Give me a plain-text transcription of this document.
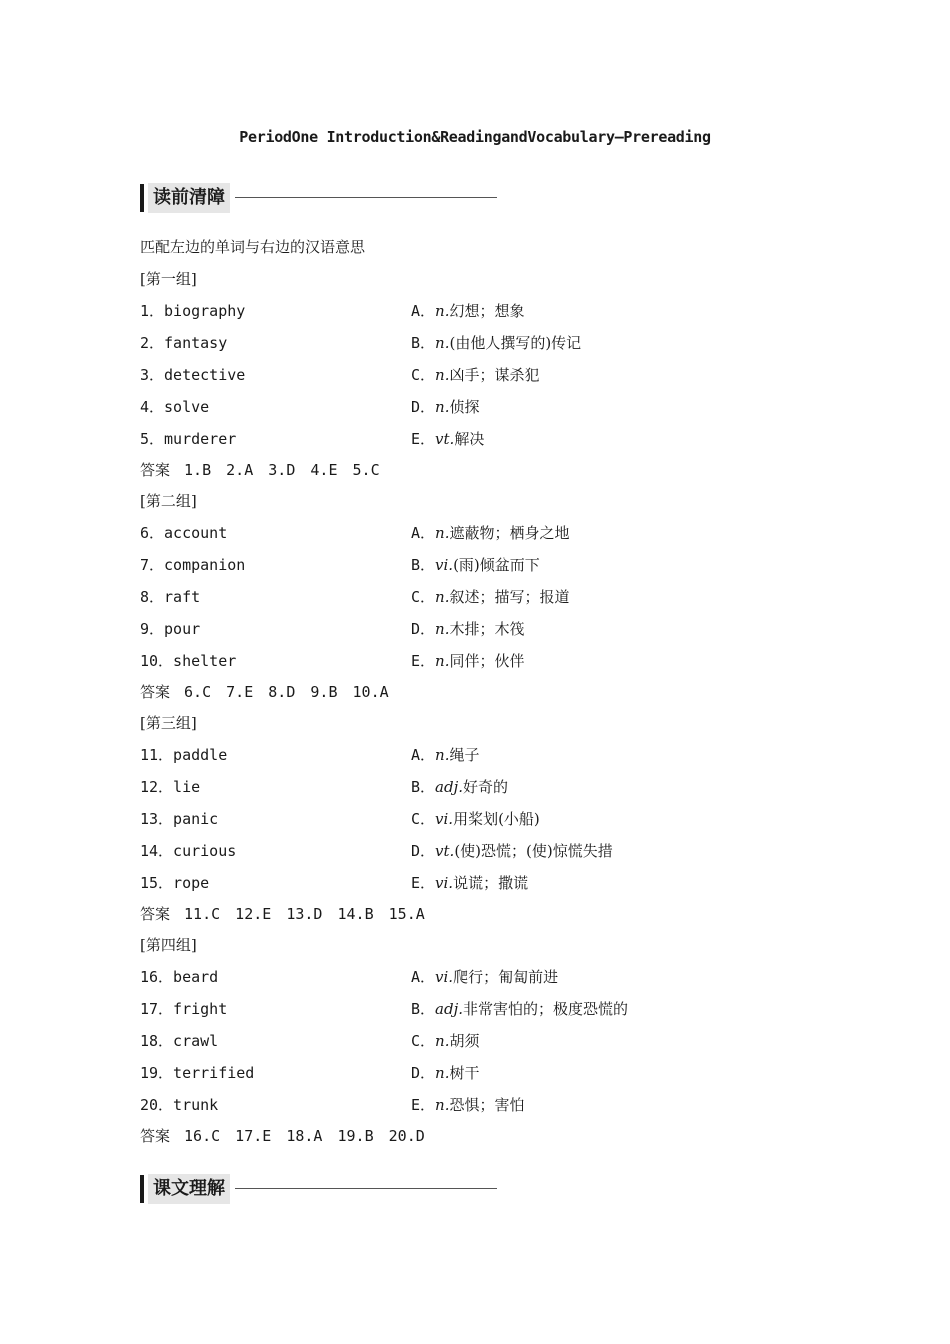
PeriodOne Introduction&ReadingandVocabulary—Prereading
读前清障
匹配左边的单词与右边的汉语意思
[第一组]
1．biography	A．n.幻想；想象
2．fantasy	B．n.(由他人撰写的)传记
3．detective	C．n.凶手；谋杀犯
4．solve	D．n.侦探
5．murderer	E．vt.解决
答案 1.B 2.A 3.D 4.E 5.C
[第二组]
6．account	A．n.遮蔽物；栖身之地
7．companion	B．vi.(雨)倾盆而下
8．raft	C．n.叙述；描写；报道
9．pour	D．n.木排；木筏
10．shelter	E．n.同伴；伙伴
答案 6.C 7.E 8.D 9.B 10.A
[第三组]
11．paddle	A．n.绳子
12．lie	B．adj.好奇的
13．panic	C．vi.用桨划(小船)
14．curious	D．vt.(使)恐慌；(使)惊慌失措
15．rope	E．vi.说谎；撒谎
答案 11.C 12.E 13.D 14.B 15.A
[第四组]
16．beard	A．vi.爬行；匍匐前进
17．fright	B．adj.非常害怕的；极度恐慌的
18．crawl	C．n.胡须
19．terrified	D．n.树干
20．trunk	E．n.恐惧；害怕
答案 16.C 17.E 18.A 19.B 20.D
课文理解
